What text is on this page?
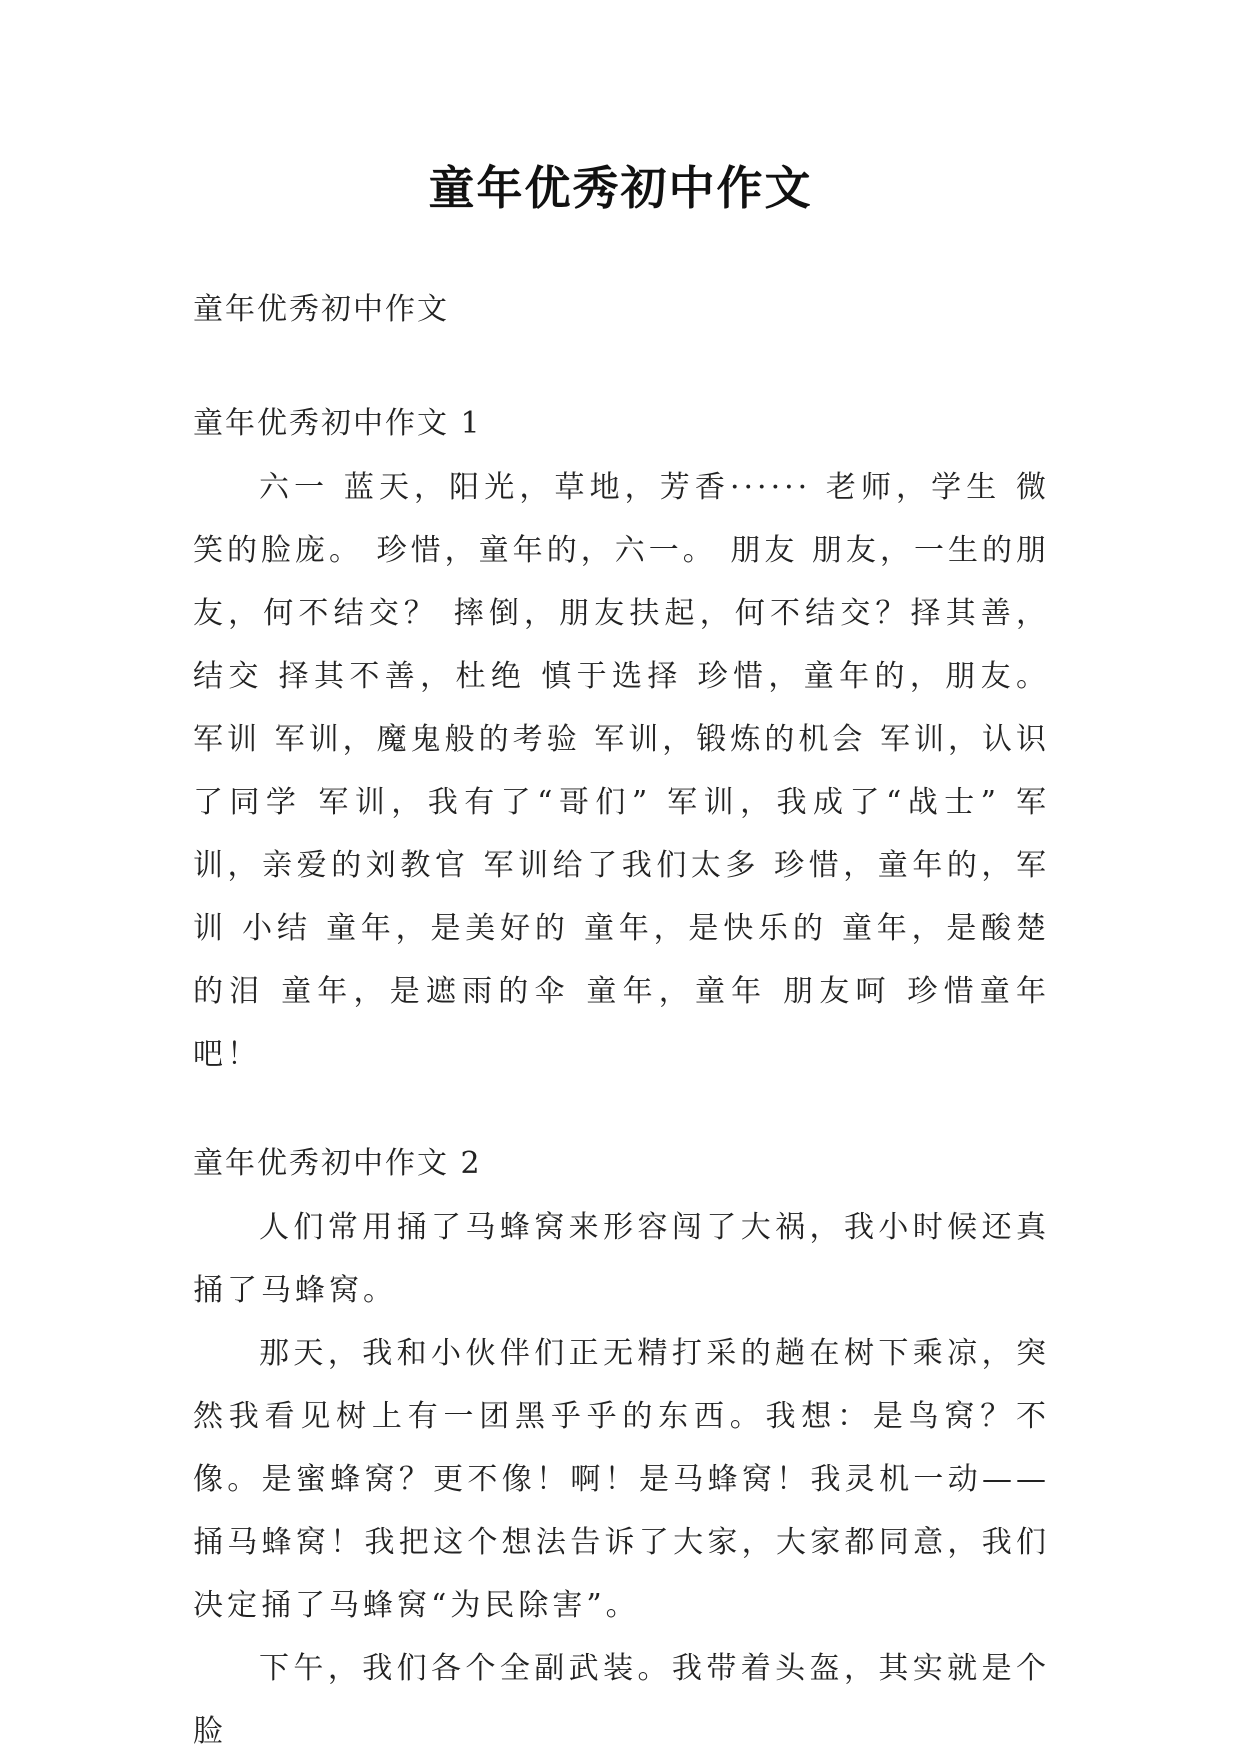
童年优秀初中作文

童年优秀初中作文

童年优秀初中作文 1

六一 蓝天，阳光，草地，芳香······ 老师，学生 微笑的脸庞。 珍惜，童年的，六一。 朋友 朋友，一生的朋友，何不结交？ 摔倒，朋友扶起，何不结交？择其善，结交 择其不善，杜绝 慎于选择 珍惜，童年的，朋友。 军训 军训，魔鬼般的考验 军训，锻炼的机会 军训，认识了同学 军训，我有了“哥们” 军训，我成了“战士” 军训，亲爱的刘教官 军训给了我们太多 珍惜，童年的，军训 小结 童年，是美好的 童年，是快乐的 童年，是酸楚的泪 童年，是遮雨的伞 童年，童年 朋友呵 珍惜童年吧！

童年优秀初中作文 2

人们常用捅了马蜂窝来形容闯了大祸，我小时候还真捅了马蜂窝。

那天，我和小伙伴们正无精打采的趟在树下乘凉，突然我看见树上有一团黑乎乎的东西。我想：是鸟窝？不像。是蜜蜂窝？更不像！啊！是马蜂窝！我灵机一动——捅马蜂窝！我把这个想法告诉了大家，大家都同意，我们决定捅了马蜂窝“为民除害”。

下午，我们各个全副武装。我带着头盔，其实就是个脸
